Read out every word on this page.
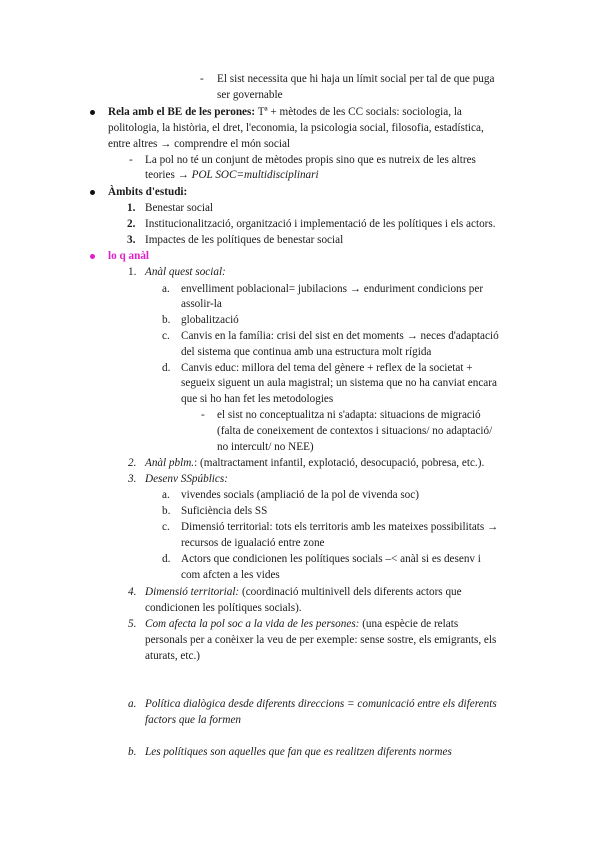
- El sist necessita que hi haja un límit social per tal de que puga
ser governable
Rela amb el BE de les perones: Tª + mètodes de les CC socials: sociologia, la
politologia, la història, el dret, l'economia, la psicologia social, filosofia, estadística,
entre altres → comprendre el món social
- La pol no té un conjunt de mètodes propis sino que es nutreix de les altres
teories → POL SOC=multidisciplinari
Àmbits d'estudi:
1. Benestar social
2. Institucionalització, organització i implementació de les polítiques i els actors.
3. Impactes de les polítiques de benestar social
lo q anàl
1. Anàl quest social:
a. envelliment poblacional= jubilacions → enduriment condicions per
assolir-la
b. globalització
c. Canvis en la família: crisi del sist en det moments → neces d'adaptació
del sistema que continua amb una estructura molt rígida
d. Canvis educ: millora del tema del gènere + reflex de la societat +
segueix siguent un aula magistral; un sistema que no ha canviat encara
que si ho han fet les metodologies
- el sist no conceptualitza ni s'adapta: situacions de migració
(falta de coneixement de contextos i situacions/ no adaptació/
no intercult/ no NEE)
2. Anàl pblm.: (maltractament infantil, explotació, desocupació, pobresa, etc.).
3. Desenv SSpúblics:
a. vivendes socials (ampliació de la pol de vivenda soc)
b. Suficiència dels SS
c. Dimensió territorial: tots els territoris amb les mateixes possibilitats →
recursos de igualació entre zone
d. Actors que condicionen les polítiques socials –< anàl si es desenv i
com afcten a les vides
4. Dimensió territorial: (coordinació multinivell dels diferents actors que
condicionen les polítiques socials).
5. Com afecta la pol soc a la vida de les persones: (una espècie de relats
personals per a conèixer la veu de per exemple: sense sostre, els emigrants, els
aturats, etc.)
a. Política dialògica desde diferents direccions = comunicació entre els diferents
factors que la formen
b. Les polítiques son aquelles que fan que es realitzen diferents normes
